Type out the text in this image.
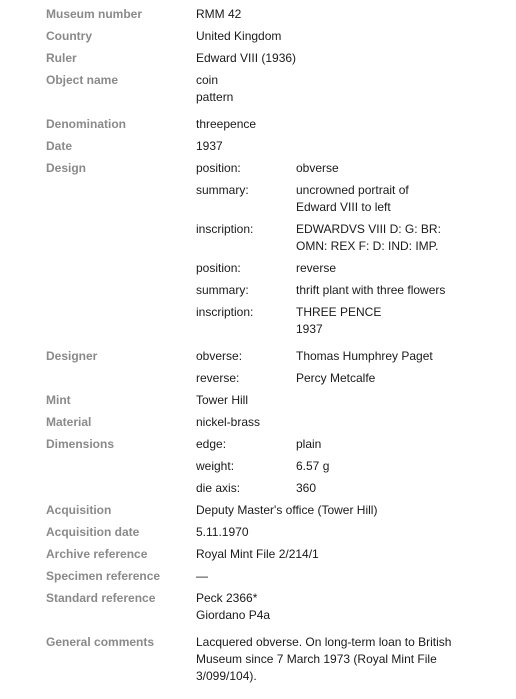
Museum number	RMM 42
Country	United Kingdom
Ruler	Edward VIII (1936)
Object name	coin
pattern
Denomination	threepence
Date	1937
Design	position:	obverse
summary:	uncrowned portrait of
Edward VIII to left
inscription:	EDWARDVS VIII D: G: BR:
OMN: REX F: D: IND: IMP.
position:	reverse
summary:	thrift plant with three flowers
inscription:	THREE PENCE
1937
Designer	obverse:	Thomas Humphrey Paget
reverse:	Percy Metcalfe
Mint	Tower Hill
Material	nickel-brass
Dimensions	edge:	plain
weight:	6.57 g
die axis:	360
Acquisition	Deputy Master's office (Tower Hill)
Acquisition date	5.11.1970
Archive reference	Royal Mint File 2/214/1
Specimen reference	—
Standard reference	Peck 2366*
Giordano P4a
General comments	Lacquered obverse. On long-term loan to British
Museum since 7 March 1973 (Royal Mint File
3/099/104).
